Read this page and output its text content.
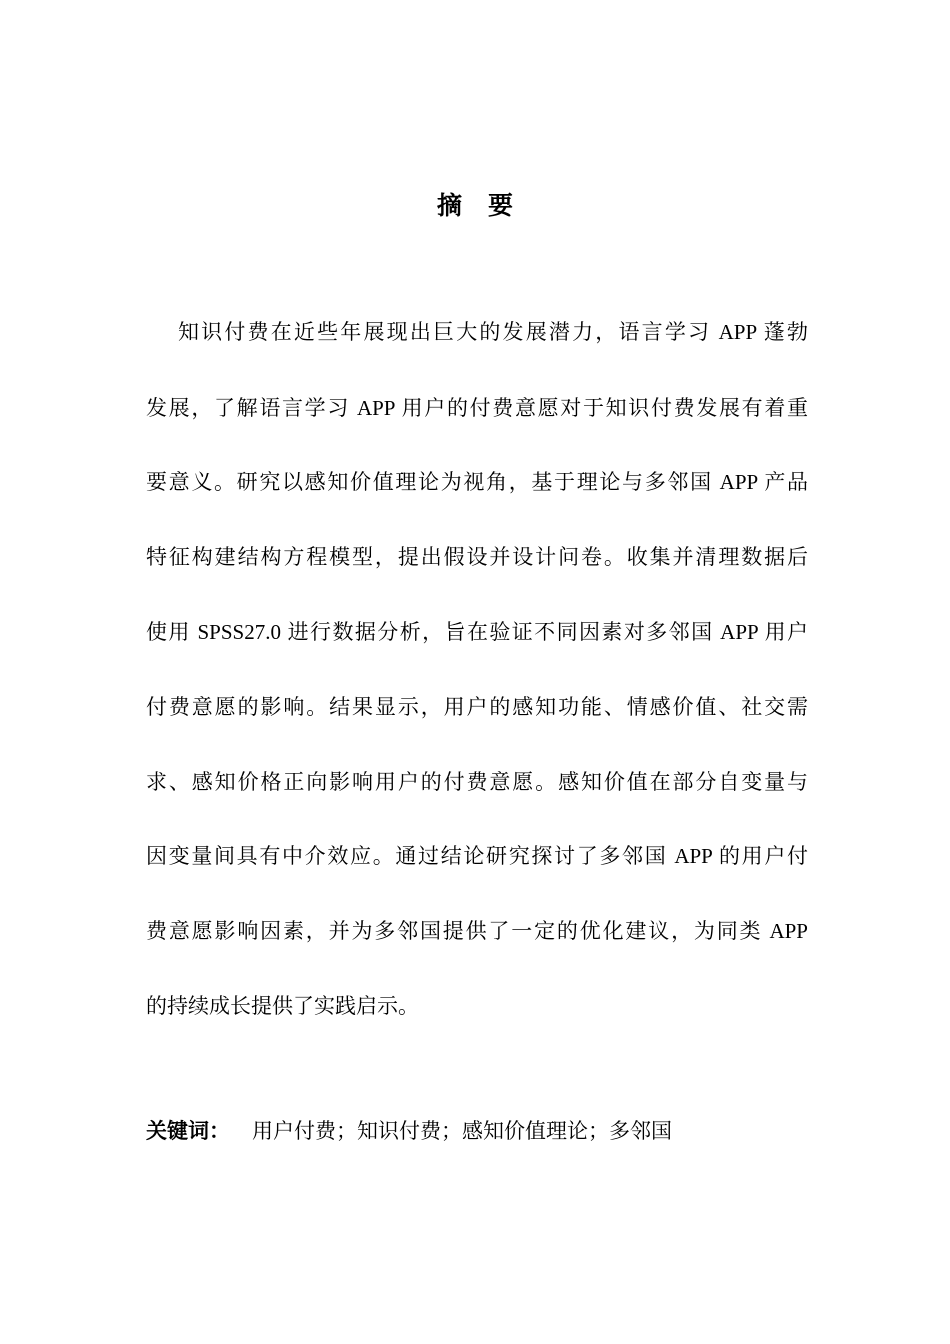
摘要
知识付费在近些年展现出巨大的发展潜力，语言学习 APP 蓬勃
发展，了解语言学习 APP 用户的付费意愿对于知识付费发展有着重
要意义。研究以感知价值理论为视角，基于理论与多邻国 APP 产品
特征构建结构方程模型，提出假设并设计问卷。收集并清理数据后
使用 SPSS27.0 进行数据分析，旨在验证不同因素对多邻国 APP 用户
付费意愿的影响。结果显示，用户的感知功能、情感价值、社交需
求、感知价格正向影响用户的付费意愿。感知价值在部分自变量与
因变量间具有中介效应。通过结论研究探讨了多邻国 APP 的用户付
费意愿影响因素，并为多邻国提供了一定的优化建议，为同类 APP
的持续成长提供了实践启示。
关键词： 用户付费；知识付费；感知价值理论；多邻国
